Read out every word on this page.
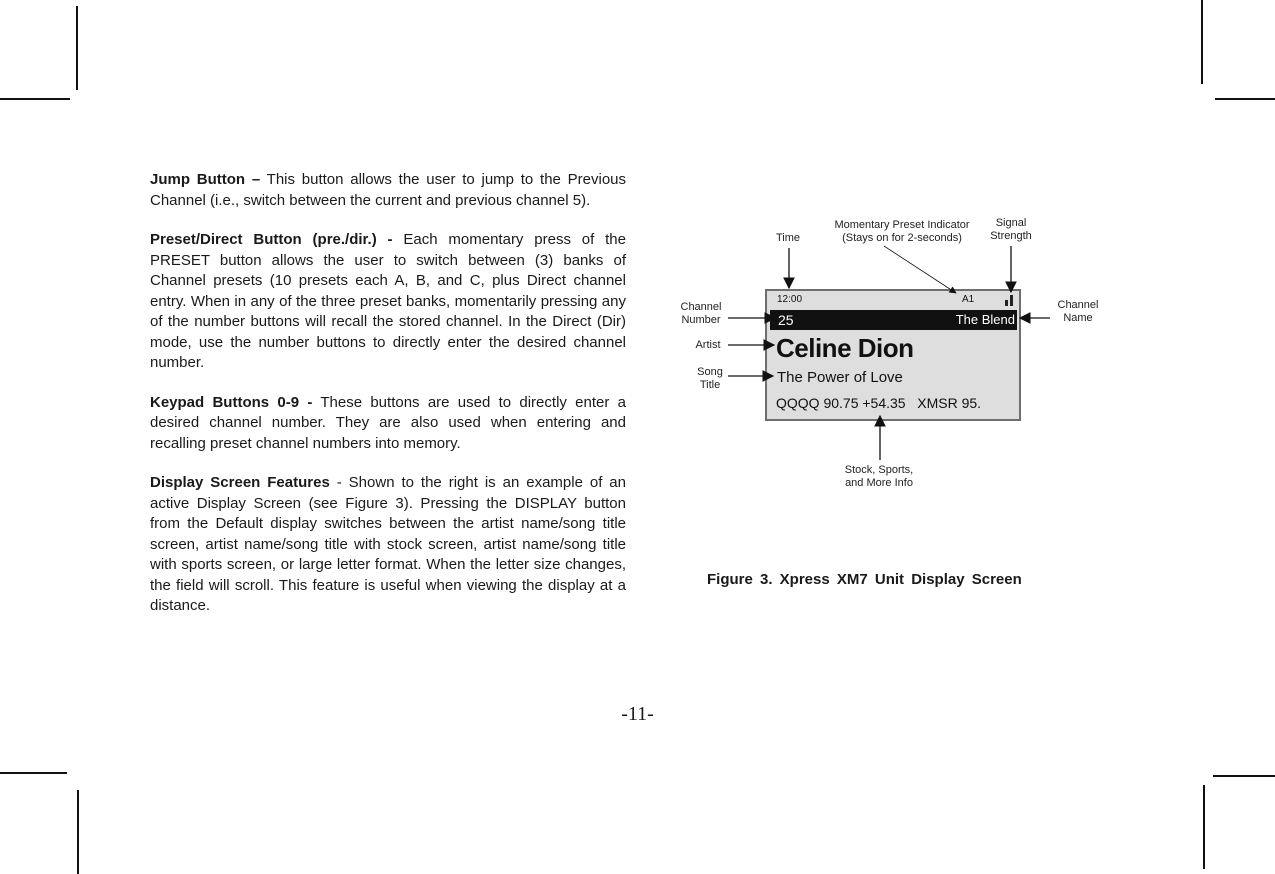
Jump Button – This button allows the user to jump to the Previous Channel (i.e., switch between the current and previous channel 5).

Preset/Direct Button (pre./dir.) - Each momentary press of the PRESET button allows the user to switch between (3) banks of Channel presets (10 presets each A, B, and C, plus Direct channel entry. When in any of the three preset banks, momentarily pressing any of the number buttons will recall the stored channel. In the Direct (Dir) mode, use the number buttons to directly enter the desired channel number.

Keypad Buttons 0-9 - These buttons are used to directly enter a desired channel number. They are also used when entering and recalling preset channel numbers into memory.

Display Screen Features - Shown to the right is an example of an active Display Screen (see Figure 3). Pressing the DISPLAY button from the Default display switches between the artist name/song title screen, artist name/song title with stock screen, artist name/song title with sports screen, or large letter format. When the letter size changes, the field will scroll. This feature is useful when viewing the display at a distance.

Time
Momentary Preset Indicator
(Stays on for 2-seconds)
Signal
Strength
Channel
Number
Channel
Name
Artist
Song
Title
Stock, Sports,
and More Info
12:00	A1
25	The Blend
Celine Dion
The Power of Love
QQQQ 90.75 +54.35   XMSR 95.
Figure 3. Xpress XM7 Unit Display Screen
-11-
